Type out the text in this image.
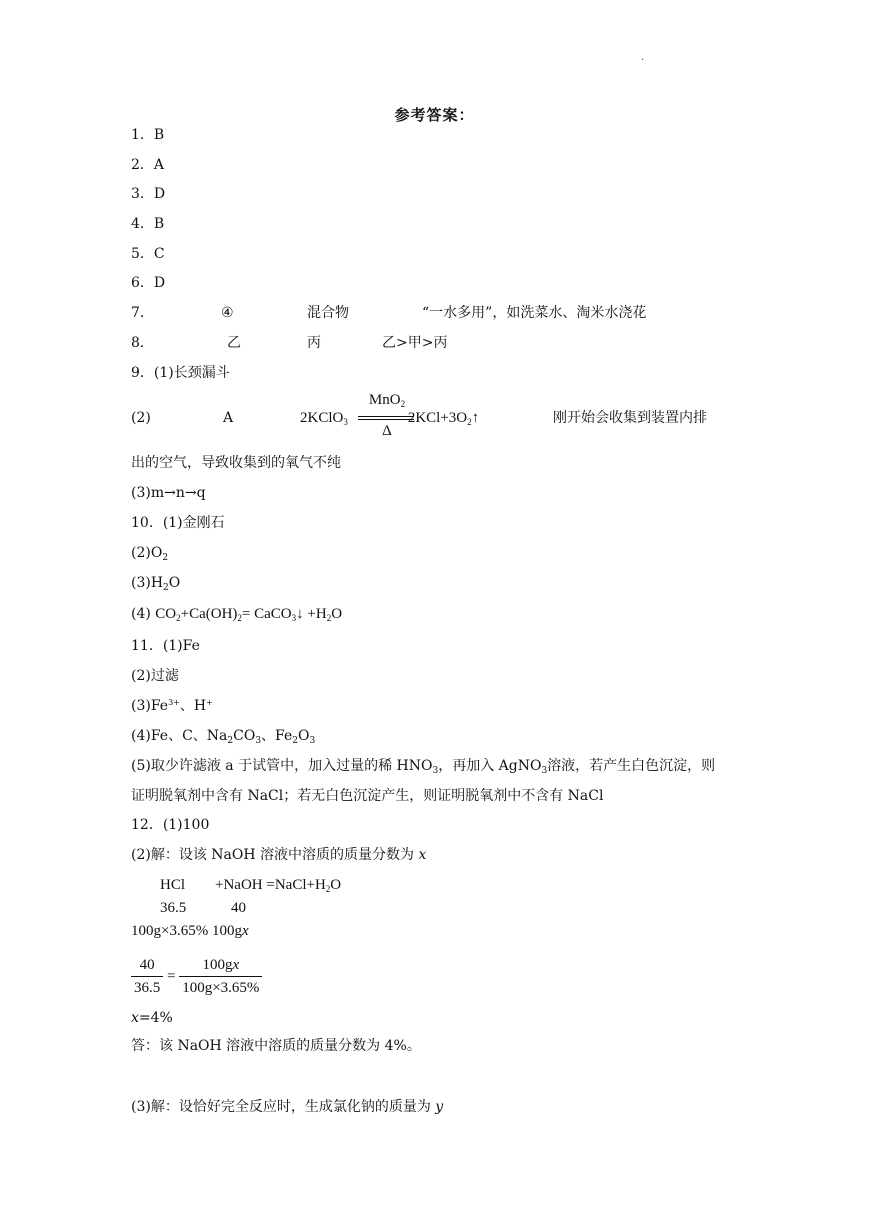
.
参考答案：
1．B
2．A
3．D
4．B
5．C
6．D
7．	④	混合物	“一水多用”，如洗菜水、淘米水浇花
8．	乙	丙	乙>甲>丙
9．(1)长颈漏斗
(2)	A	2KClO$_3$	$2KCl+3O_2↑$
MnO$_2$
Δ
刚开始会收集到装置内排
出的空气，导致收集到的氧气不纯
(3)m→n→q
10．(1)金刚石
$(2)O_2$
$(3)H_2O$
(4) $CO_2+Ca(OH)_2=$ CaCO$_3$↓ $+H_2O$
11．(1)Fe
(2)过滤
$(3)Fe^{3+}$、H+
(4)Fe、C、$Na_2CO_3$、$Fe_2O_3$
(5)取少许滤液 a 于试管中，加入过量的稀 $HNO_3$，再加入 AgNO$_3$溶液，若产生白色沉淀，则
证明脱氧剂中含有 NaCl；若无白色沉淀产生，则证明脱氧剂中不含有 NaCl
12．(1)100
(2)解：设该 NaOH 溶液中溶质的质量分数为 x
HCl +NaOH $=NaCl+H_2O$
36.5	40
100g×3.65% 100gx
$\frac{40}{36.5} = \frac{100gx}{100g\times 3.65\%}$
x=4%
答：该 NaOH 溶液中溶质的质量分数为 4%。
(3)解：设恰好完全反应时，生成氯化钠的质量为 y
